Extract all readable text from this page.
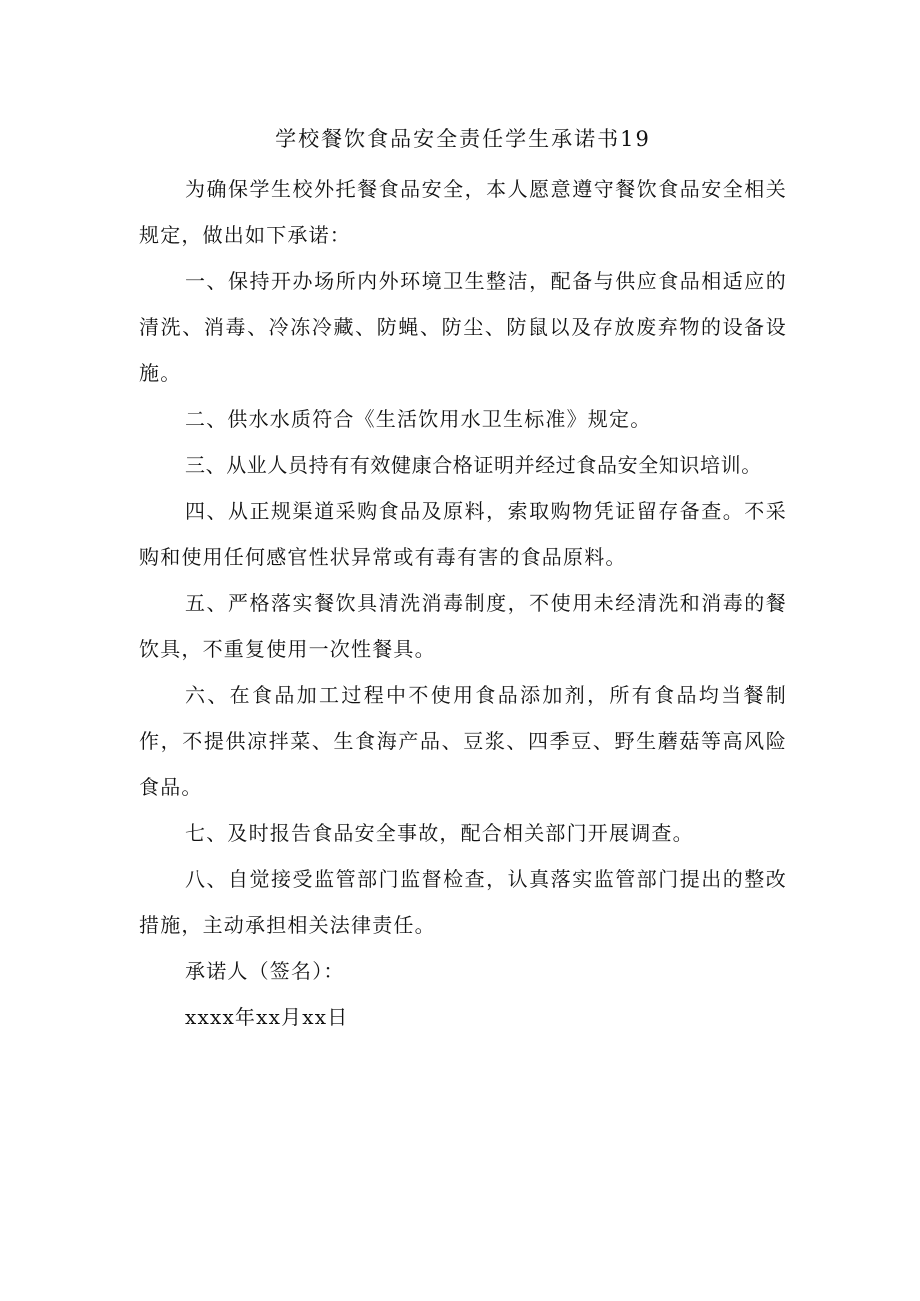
学校餐饮食品安全责任学生承诺书19

为确保学生校外托餐食品安全，本人愿意遵守餐饮食品安全相关规定，做出如下承诺：

一、保持开办场所内外环境卫生整洁，配备与供应食品相适应的清洗、消毒、冷冻冷藏、防蝇、防尘、防鼠以及存放废弃物的设备设施。

二、供水水质符合《生活饮用水卫生标准》规定。

三、从业人员持有有效健康合格证明并经过食品安全知识培训。

四、从正规渠道采购食品及原料，索取购物凭证留存备查。不采购和使用任何感官性状异常或有毒有害的食品原料。

五、严格落实餐饮具清洗消毒制度，不使用未经清洗和消毒的餐饮具，不重复使用一次性餐具。

六、在食品加工过程中不使用食品添加剂，所有食品均当餐制作，不提供凉拌菜、生食海产品、豆浆、四季豆、野生蘑菇等高风险食品。

七、及时报告食品安全事故，配合相关部门开展调查。

八、自觉接受监管部门监督检查，认真落实监管部门提出的整改措施，主动承担相关法律责任。

承诺人（签名）：

xxxx年xx月xx日
